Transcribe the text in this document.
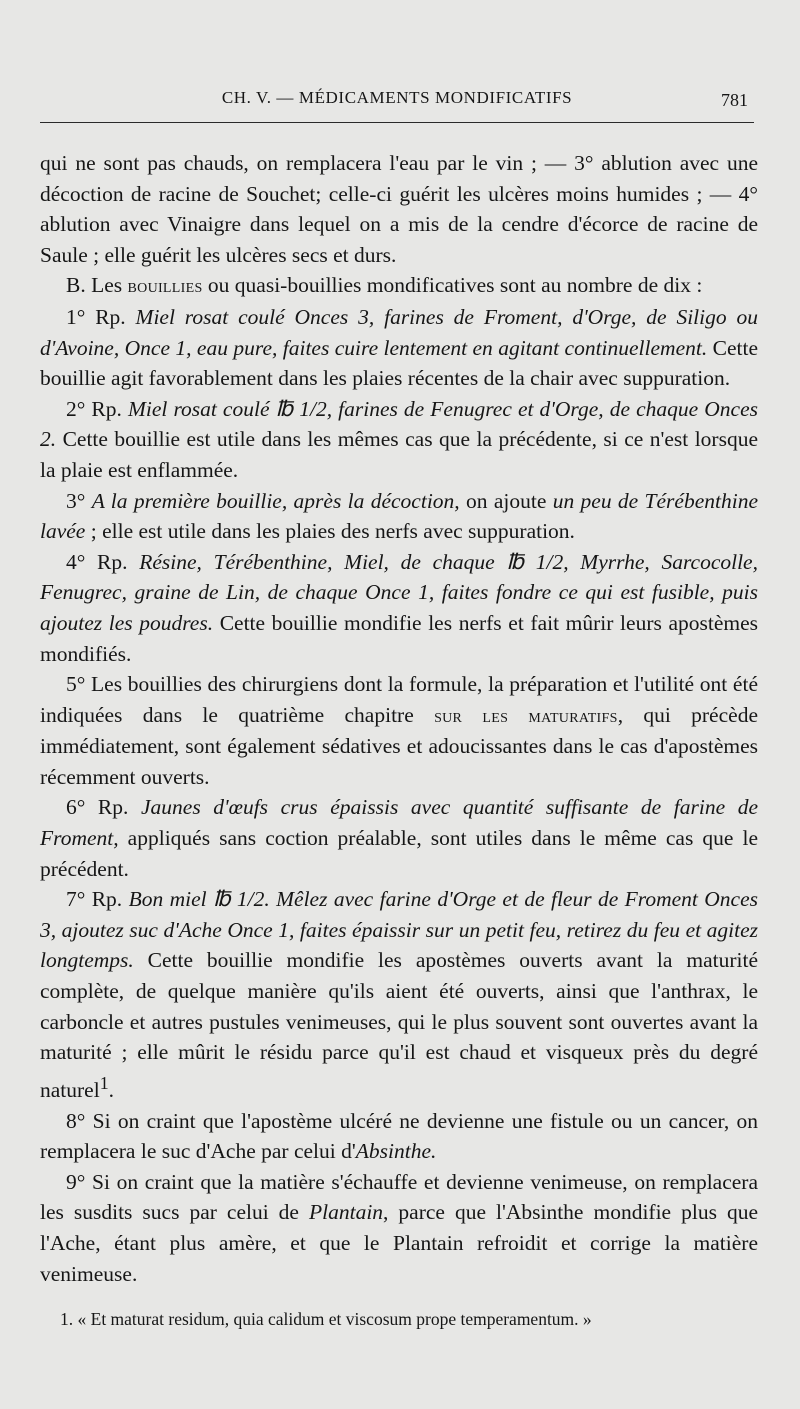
CH. V. — MÉDICAMENTS MONDIFICATIFS	781

qui ne sont pas chauds, on remplacera l'eau par le vin ; — 3° ablution avec une décoction de racine de Souchet; celle-ci guérit les ulcères moins humides ; — 4° ablution avec Vinaigre dans lequel on a mis de la cendre d'écorce de racine de Saule ; elle guérit les ulcères secs et durs.

B. Les bouillies ou quasi-bouillies mondificatives sont au nombre de dix :

1° Rp. Miel rosat coulé Onces 3, farines de Froment, d'Orge, de Siligo ou d'Avoine, Once 1, eau pure, faites cuire lentement en agitant continuellement. Cette bouillie agit favorablement dans les plaies récentes de la chair avec suppuration.

2° Rp. Miel rosat coulé ℔ 1/2, farines de Fenugrec et d'Orge, de chaque Onces 2. Cette bouillie est utile dans les mêmes cas que la précédente, si ce n'est lorsque la plaie est enflammée.

3° A la première bouillie, après la décoction, on ajoute un peu de Térébenthine lavée ; elle est utile dans les plaies des nerfs avec suppuration.

4° Rp. Résine, Térébenthine, Miel, de chaque ℔ 1/2, Myrrhe, Sarcocolle, Fenugrec, graine de Lin, de chaque Once 1, faites fondre ce qui est fusible, puis ajoutez les poudres. Cette bouillie mondifie les nerfs et fait mûrir leurs apostèmes mondifiés.

5° Les bouillies des chirurgiens dont la formule, la préparation et l'utilité ont été indiquées dans le quatrième chapitre sur les maturatifs, qui précède immédiatement, sont également sédatives et adoucissantes dans le cas d'apostèmes récemment ouverts.

6° Rp. Jaunes d'œufs crus épaissis avec quantité suffisante de farine de Froment, appliqués sans coction préalable, sont utiles dans le même cas que le précédent.

7° Rp. Bon miel ℔ 1/2. Mêlez avec farine d'Orge et de fleur de Froment Onces 3, ajoutez suc d'Ache Once 1, faites épaissir sur un petit feu, retirez du feu et agitez longtemps. Cette bouillie mondifie les apostèmes ouverts avant la maturité complète, de quelque manière qu'ils aient été ouverts, ainsi que l'anthrax, le carboncle et autres pustules venimeuses, qui le plus souvent sont ouvertes avant la maturité ; elle mûrit le résidu parce qu'il est chaud et visqueux près du degré naturel$^1$.

8° Si on craint que l'apostème ulcéré ne devienne une fistule ou un cancer, on remplacera le suc d'Ache par celui d'Absinthe.

9° Si on craint que la matière s'échauffe et devienne venimeuse, on remplacera les susdits sucs par celui de Plantain, parce que l'Absinthe mondifie plus que l'Ache, étant plus amère, et que le Plantain refroidit et corrige la matière venimeuse.

1. « Et maturat residum, quia calidum et viscosum prope temperamentum. »
